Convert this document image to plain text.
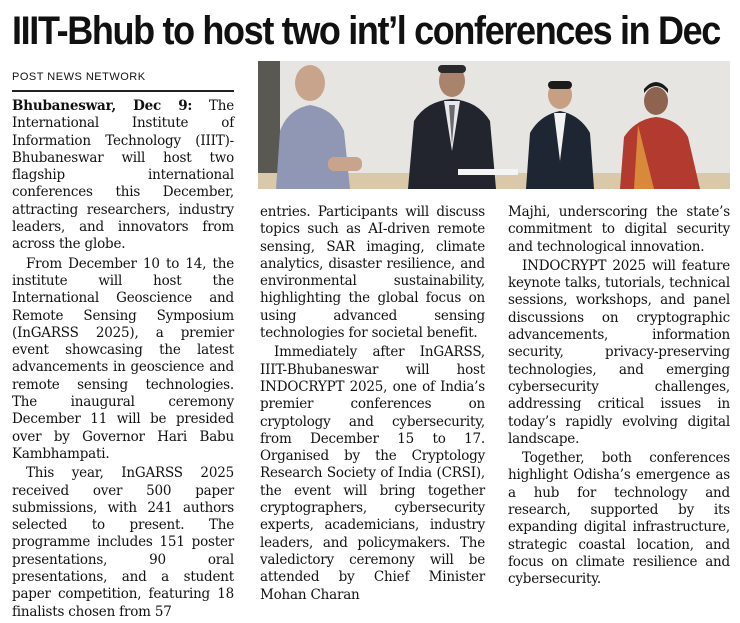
IIIT-Bhub to host two int’l conferences in Dec
POST NEWS NETWORK

Bhubaneswar, Dec 9: The International Institute of Information Technology (IIIT)-Bhubaneswar will host two flagship international conferences this December, attracting researchers, industry leaders, and innovators from across the globe.

From December 10 to 14, the institute will host the International Geoscience and Remote Sensing Symposium (InGARSS 2025), a premier event showcasing the latest advancements in geoscience and remote sensing technologies. The inaugural ceremony December 11 will be presided over by Governor Hari Babu Kambhampati.

This year, InGARSS 2025 received over 500 paper submissions, with 241 authors selected to present. The programme includes 151 poster presentations, 90 oral presentations, and a student paper competition, featuring 18 finalists chosen from 57

entries. Participants will discuss topics such as AI-driven remote sensing, SAR imaging, climate analytics, disaster resilience, and environmental sustainability, highlighting the global focus on using advanced sensing technologies for societal benefit.

Immediately after InGARSS, IIIT-Bhubaneswar will host INDOCRYPT 2025, one of India’s premier conferences on cryptology and cybersecurity, from December 15 to 17. Organised by the Cryptology Research Society of India (CRSI), the event will bring together cryptographers, cybersecurity experts, academicians, industry leaders, and policymakers. The valedictory ceremony will be attended by Chief Minister Mohan Charan

Majhi, underscoring the state’s commitment to digital security and technological innovation.

INDOCRYPT 2025 will feature keynote talks, tutorials, technical sessions, workshops, and panel discussions on cryptographic advancements, information security, privacy-preserving technologies, and emerging cybersecurity challenges, addressing critical issues in today’s rapidly evolving digital landscape.

Together, both conferences highlight Odisha’s emergence as a hub for technology and research, supported by its expanding digital infrastructure, strategic coastal location, and focus on climate resilience and cybersecurity.
